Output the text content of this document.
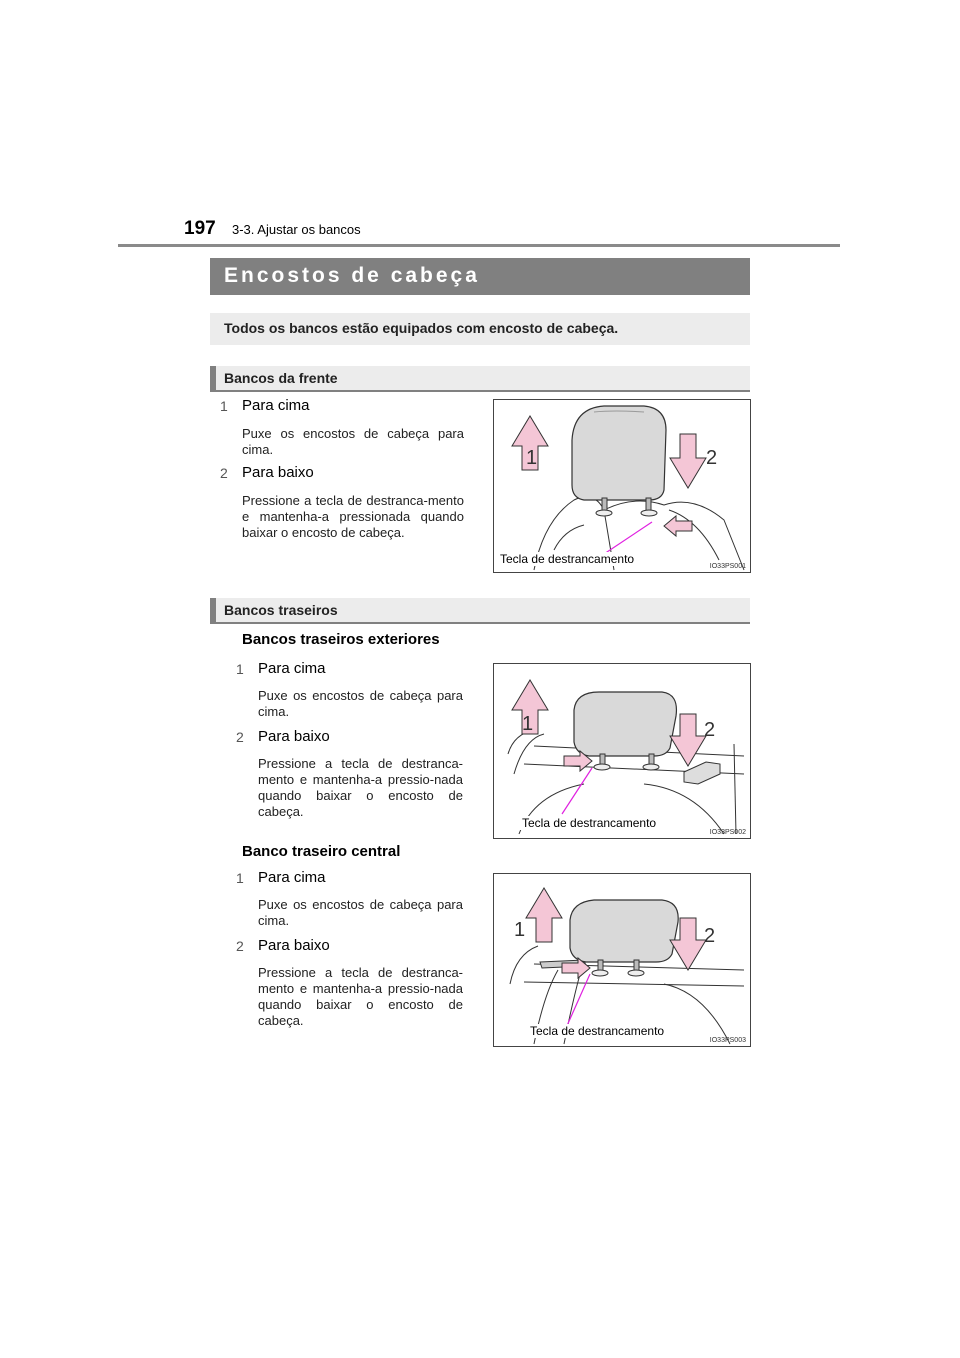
197 3-3. Ajustar os bancos
Encostos de cabeça
Todos os bancos estão equipados com encosto de cabeça.
Bancos da frente
1 Para cima
Puxe os encostos de cabeça para cima.
2 Para baixo
Pressione a tecla de destranca-mento e mantenha-a pressionada quando baixar o encosto de cabeça.
1	2
Tecla de destrancamento
IO33PS001
Bancos traseiros
Bancos traseiros exteriores
1 Para cima
Puxe os encostos de cabeça para cima.
2 Para baixo
Pressione a tecla de destranca-mento e mantenha-a pressio-nada quando baixar o encosto de cabeça.
1	2
Tecla de destrancamento
IO33PS002
Banco traseiro central
1 Para cima
Puxe os encostos de cabeça para cima.
2 Para baixo
Pressione a tecla de destranca-mento e mantenha-a pressio-nada quando baixar o encosto de cabeça.
1	2
Tecla de destrancamento
IO33PS003
